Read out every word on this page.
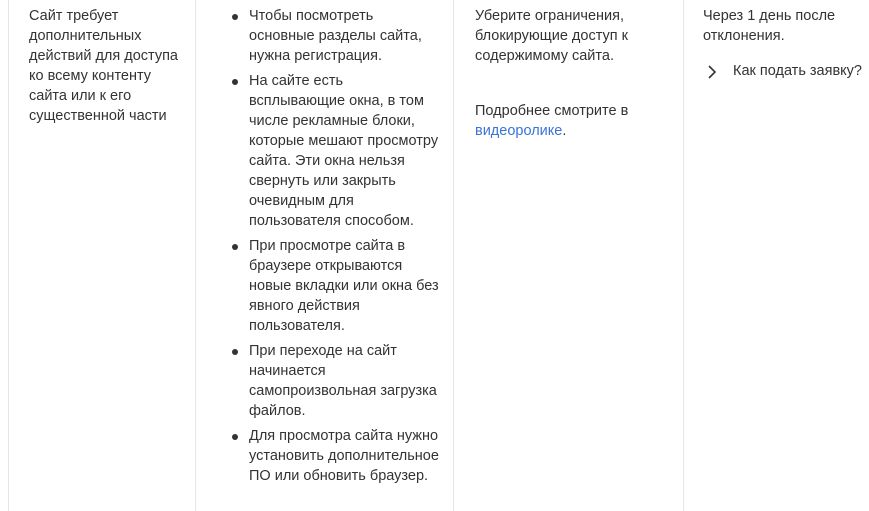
Сайт требует дополнительных действий для доступа ко всему контенту сайта или к его существенной части

Чтобы посмотреть основные разделы сайта, нужна регистрация.
На сайте есть всплывающие окна, в том числе рекламные блоки, которые мешают просмотру сайта. Эти окна нельзя свернуть или закрыть очевидным для пользователя способом.
При просмотре сайта в браузере открываются новые вкладки или окна без явного действия пользователя.
При переходе на сайт начинается самопроизвольная загрузка файлов.
Для просмотра сайта нужно установить дополнительное ПО или обновить браузер.

Уберите ограничения, блокирующие доступ к содержимому сайта.

Подробнее смотрите в видеоролике.

Через 1 день после отклонения.

Как подать заявку?
